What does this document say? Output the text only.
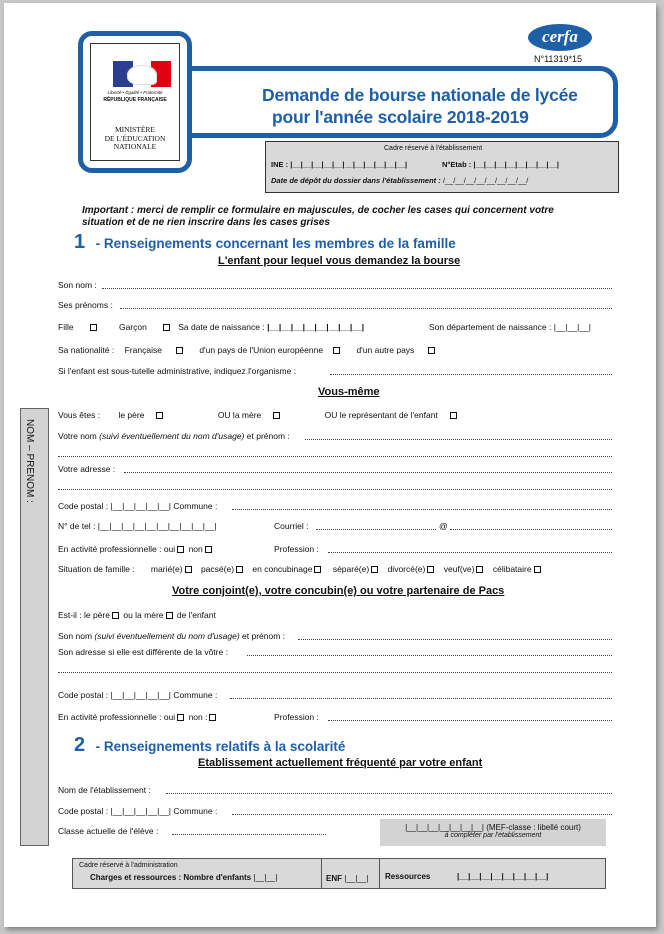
Liberté • Égalité • Fraternité
RÉPUBLIQUE FRANÇAISE
MINISTÈRE
DE L'ÉDUCATION
NATIONALE
Demande de bourse nationale de lycée
pour l'année scolaire 2018-2019
cerfa
N°11319*15
Cadre réservé à l'établissement
INE : |__|__|__|__|__|__|__|__|__|__|__|	N°Etab : |__|__|__|__|__|__|__|__|
Date de dépôt du dossier dans l'établissement : /__/__/__/__/__/__/__/__/
Important : merci de remplir ce formulaire en majuscules, de cocher les cases qui concernent votre
situation et de ne rien inscrire dans les cases grises
1 - Renseignements concernant les membres de la famille
L'enfant pour lequel vous demandez la bourse
Son nom :
Ses prénoms :
Fille	Garçon	Sa date de naissance : |__|__|__|__|__|__|__|__|	Son département de naissance : |__|__|__|
Sa nationalité : Française	d'un pays de l'Union européenne	d'un autre pays
Si l'enfant est sous-tutelle administrative, indiquez l'organisme :
Vous-même
Vous êtes : le père	OU la mère	OU le représentant de l'enfant
Votre nom (suivi éventuellement du nom d'usage) et prénom :
Votre adresse :
Code postal : |__|__|__|__|__| Commune :
N° de tel : |__|__|__|__|__|__|__|__|__|__|	Courriel :	@
En activité professionnelle : oui non	Profession :
Situation de famille : marié(e) pacsé(e) en concubinage séparé(e) divorcé(e) veuf(ve) célibataire
Votre conjoint(e), votre concubin(e) ou votre partenaire de Pacs
Est-il : le père ou la mère de l'enfant
Son nom (suivi éventuellement du nom d'usage) et prénom :
Son adresse si elle est différente de la vôtre :
Code postal : |__|__|__|__|__| Commune :
En activité professionnelle : oui non :	Profession :
2 - Renseignements relatifs à la scolarité
Etablissement actuellement fréquenté par votre enfant
Nom de l'établissement :
Code postal : |__|__|__|__|__| Commune :
Classe actuelle de l'élève :	|__|__|__|__|__|__|__| (MEF-classe : libellé court)
à compléter par l'établissement
NOM – PRENOM :
Cadre réservé à l'administration
Charges et ressources : Nombre d'enfants |__|__|	ENF |__|__| Ressources	|__|__|__|__|__|__|__|__|
